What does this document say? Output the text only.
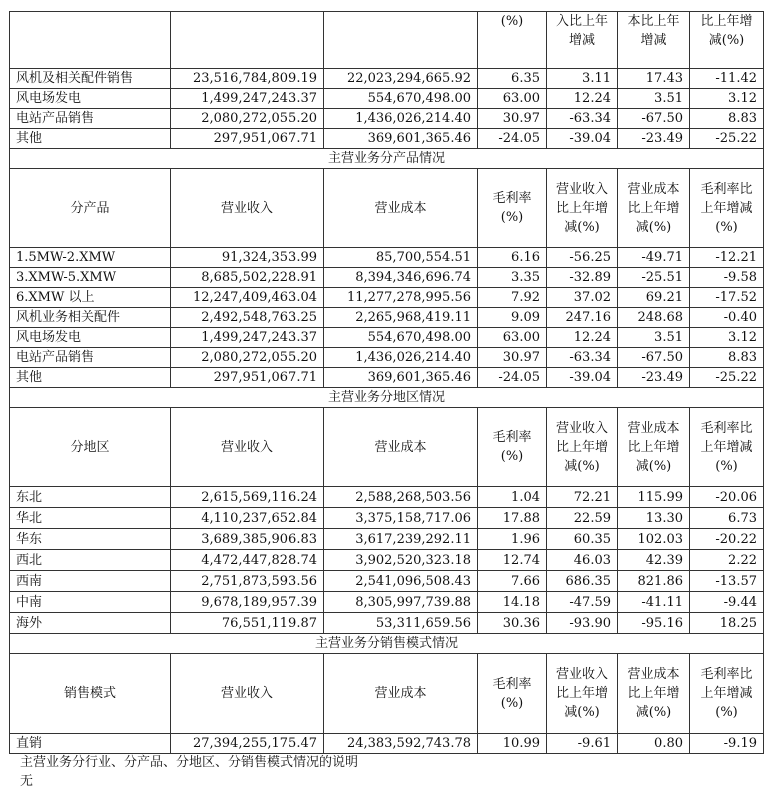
			(%)	入比上年增减	本比上年增减	比上年增减(%)
风机及相关配件销售	23,516,784,809.19	22,023,294,665.92	6.35	3.11	17.43	-11.42
风电场发电	1,499,247,243.37	554,670,498.00	63.00	12.24	3.51	3.12
电站产品销售	2,080,272,055.20	1,436,026,214.40	30.97	-63.34	-67.50	8.83
其他	297,951,067.71	369,601,365.46	-24.05	-39.04	-23.49	-25.22
主营业务分产品情况						
分产品	营业收入	营业成本	毛利率(%)	营业收入比上年增减(%)	营业成本比上年增减(%)	毛利率比上年增减(%)
1.5MW-2.XMW	91,324,353.99	85,700,554.51	6.16	-56.25	-49.71	-12.21
3.XMW-5.XMW	8,685,502,228.91	8,394,346,696.74	3.35	-32.89	-25.51	-9.58
6.XMW 以上	12,247,409,463.04	11,277,278,995.56	7.92	37.02	69.21	-17.52
风机业务相关配件	2,492,548,763.25	2,265,968,419.11	9.09	247.16	248.68	-0.40
风电场发电	1,499,247,243.37	554,670,498.00	63.00	12.24	3.51	3.12
电站产品销售	2,080,272,055.20	1,436,026,214.40	30.97	-63.34	-67.50	8.83
其他	297,951,067.71	369,601,365.46	-24.05	-39.04	-23.49	-25.22
主营业务分地区情况						
分地区	营业收入	营业成本	毛利率(%)	营业收入比上年增减(%)	营业成本比上年增减(%)	毛利率比上年增减(%)
东北	2,615,569,116.24	2,588,268,503.56	1.04	72.21	115.99	-20.06
华北	4,110,237,652.84	3,375,158,717.06	17.88	22.59	13.30	6.73
华东	3,689,385,906.83	3,617,239,292.11	1.96	60.35	102.03	-20.22
西北	4,472,447,828.74	3,902,520,323.18	12.74	46.03	42.39	2.22
西南	2,751,873,593.56	2,541,096,508.43	7.66	686.35	821.86	-13.57
中南	9,678,189,957.39	8,305,997,739.88	14.18	-47.59	-41.11	-9.44
海外	76,551,119.87	53,311,659.56	30.36	-93.90	-95.16	18.25
主营业务分销售模式情况						
销售模式	营业收入	营业成本	毛利率(%)	营业收入比上年增减(%)	营业成本比上年增减(%)	毛利率比上年增减(%)
直销	27,394,255,175.47	24,383,592,743.78	10.99	-9.61	0.80	-9.19
主营业务分行业、分产品、分地区、分销售模式情况的说明
无
